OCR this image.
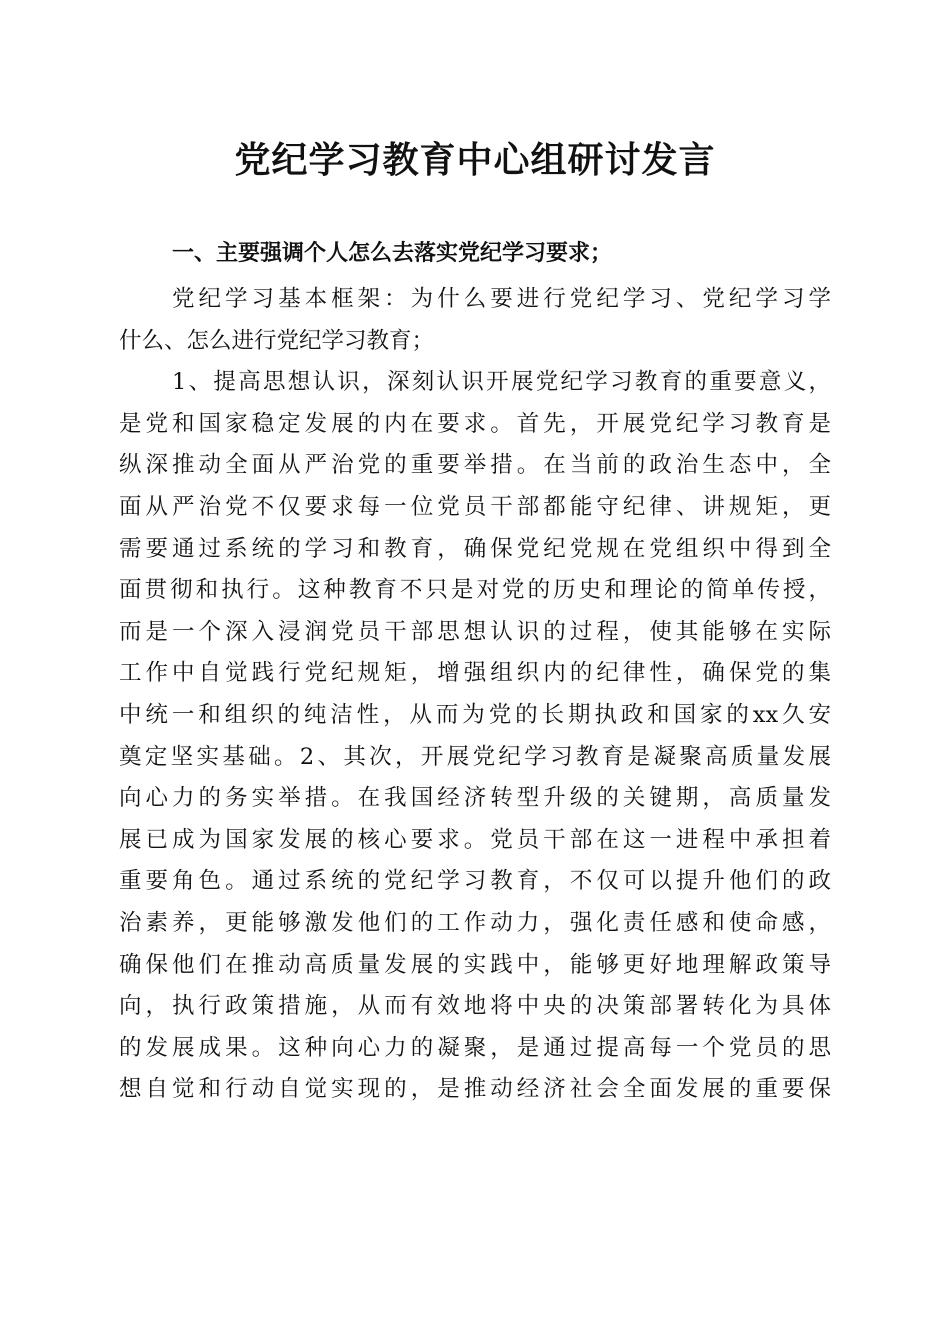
党纪学习教育中心组研讨发言

一、主要强调个人怎么去落实党纪学习要求；

党纪学习基本框架：为什么要进行党纪学习、党纪学习学
什么、怎么进行党纪学习教育；
1、提高思想认识，深刻认识开展党纪学习教育的重要意义，
是党和国家稳定发展的内在要求。首先，开展党纪学习教育是
纵深推动全面从严治党的重要举措。在当前的政治生态中，全
面从严治党不仅要求每一位党员干部都能守纪律、讲规矩，更
需要通过系统的学习和教育，确保党纪党规在党组织中得到全
面贯彻和执行。这种教育不只是对党的历史和理论的简单传授，
而是一个深入浸润党员干部思想认识的过程，使其能够在实际
工作中自觉践行党纪规矩，增强组织内的纪律性，确保党的集
中统一和组织的纯洁性，从而为党的长期执政和国家的xx久安
奠定坚实基础。2、其次，开展党纪学习教育是凝聚高质量发展
向心力的务实举措。在我国经济转型升级的关键期，高质量发
展已成为国家发展的核心要求。党员干部在这一进程中承担着
重要角色。通过系统的党纪学习教育，不仅可以提升他们的政
治素养，更能够激发他们的工作动力，强化责任感和使命感，
确保他们在推动高质量发展的实践中，能够更好地理解政策导
向，执行政策措施，从而有效地将中央的决策部署转化为具体
的发展成果。这种向心力的凝聚，是通过提高每一个党员的思
想自觉和行动自觉实现的，是推动经济社会全面发展的重要保
